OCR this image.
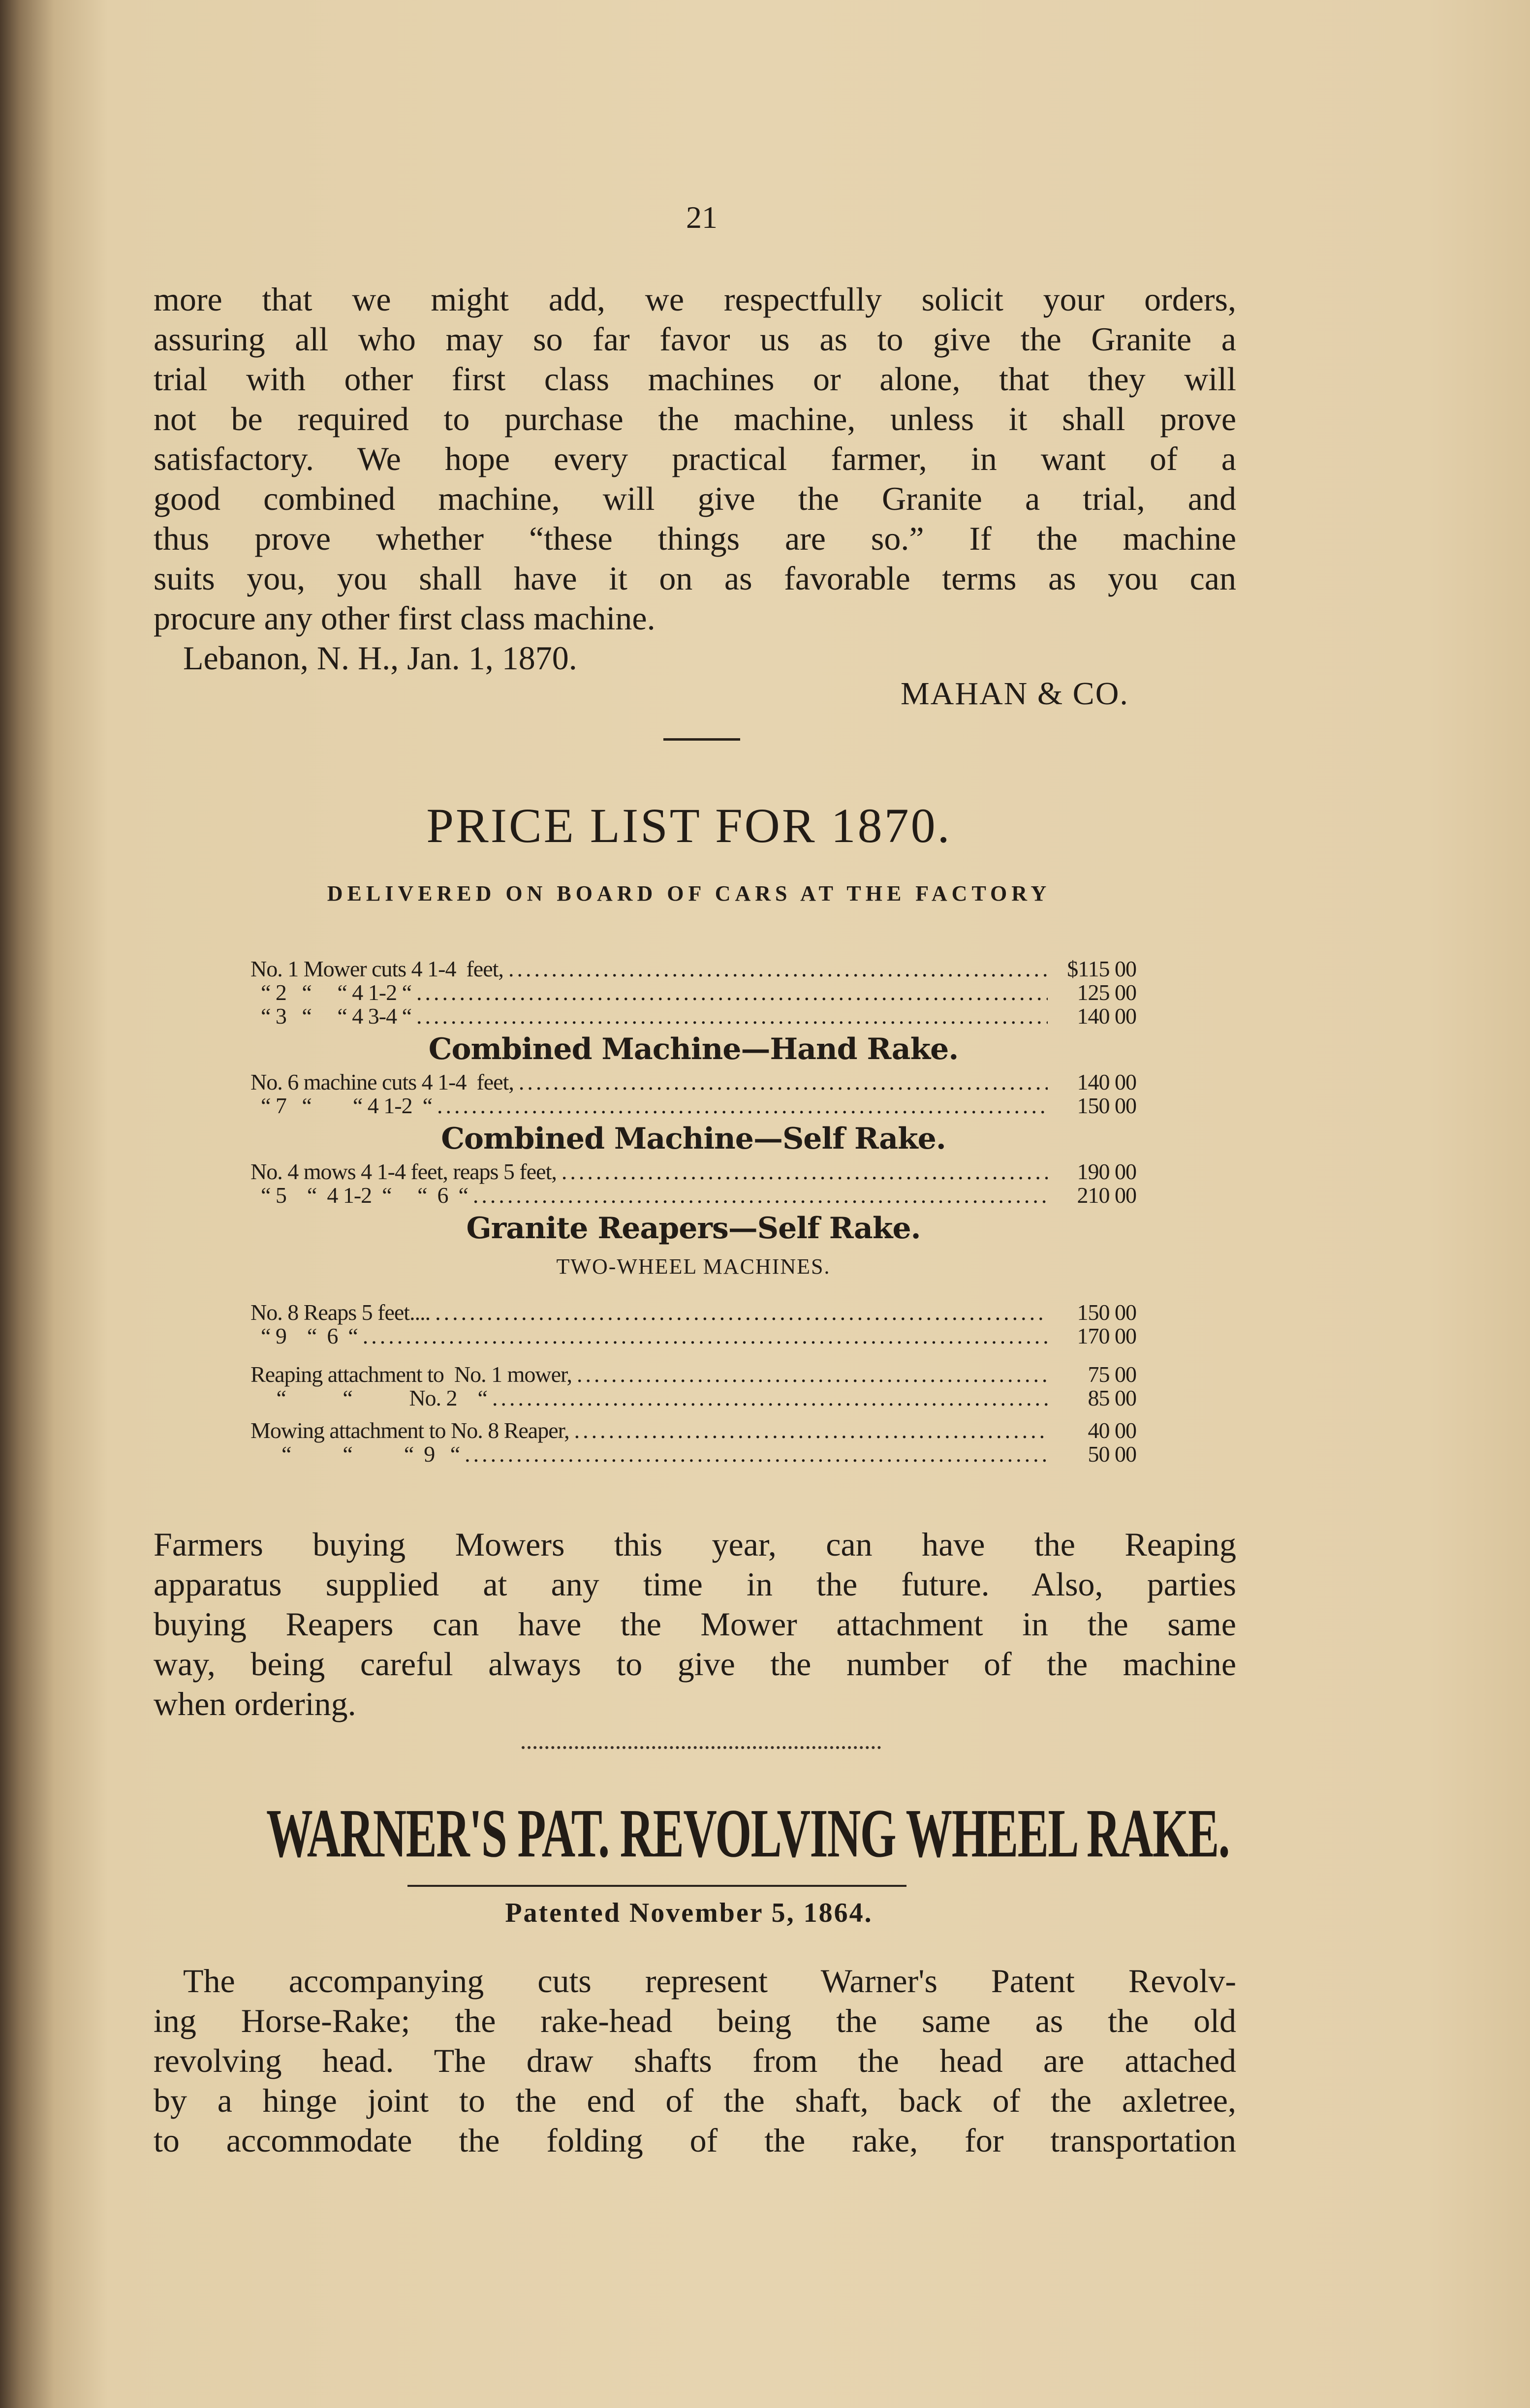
21
more that we might add, we respectfully solicit your orders,
assuring all who may so far favor us as to give the Granite a
trial with other first class machines or alone, that they will
not be required to purchase the machine, unless it shall prove
satisfactory. We hope every practical farmer, in want of a
good combined machine, will give the Granite a trial, and
thus prove whether “these things are so.” If the machine
suits you, you shall have it on as favorable terms as you can
procure any other first class machine.
Lebanon, N. H., Jan. 1, 1870.
MAHAN & CO.
PRICE LIST FOR 1870.
DELIVERED ON BOARD OF CARS AT THE FACTORY
No. 1 Mower cuts 4 1-4  feet, .....	$115 00
“ 2   “     “ 4 1-2 “ .....	125 00
“ 3   “     “ 4 3-4 “ .....	140 00
Combined Machine—Hand Rake.
No. 6 machine cuts 4 1-4  feet, .....	140 00
“ 7   “        “ 4 1-2  “ .....	150 00
Combined Machine—Self Rake.
No. 4 mows 4 1-4 feet, reaps 5 feet, .....	190 00
“ 5    “  4 1-2  “     “  6  “ .....	210 00
Granite Reapers—Self Rake.
TWO-WHEEL MACHINES.
No. 8 Reaps 5 feet.... .....	150 00
“ 9    “  6  “ .....	170 00
Reaping attachment to  No. 1 mower, .....	75 00
“           “           No. 2    “ .....	85 00
Mowing attachment to No. 8 Reaper, .....	40 00
“          “          “  9   “ .....	50 00
Farmers buying Mowers this year, can have the Reaping
apparatus supplied at any time in the future. Also, parties
buying Reapers can have the Mower attachment in the same
way, being careful always to give the number of the machine
when ordering.
WARNER'S PAT. REVOLVING WHEEL RAKE.
Patented November 5, 1864.
The accompanying cuts represent Warner's Patent Revolv-
ing Horse-Rake; the rake-head being the same as the old
revolving head. The draw shafts from the head are attached
by a hinge joint to the end of the shaft, back of the axletree,
to accommodate the folding of the rake, for transportation
